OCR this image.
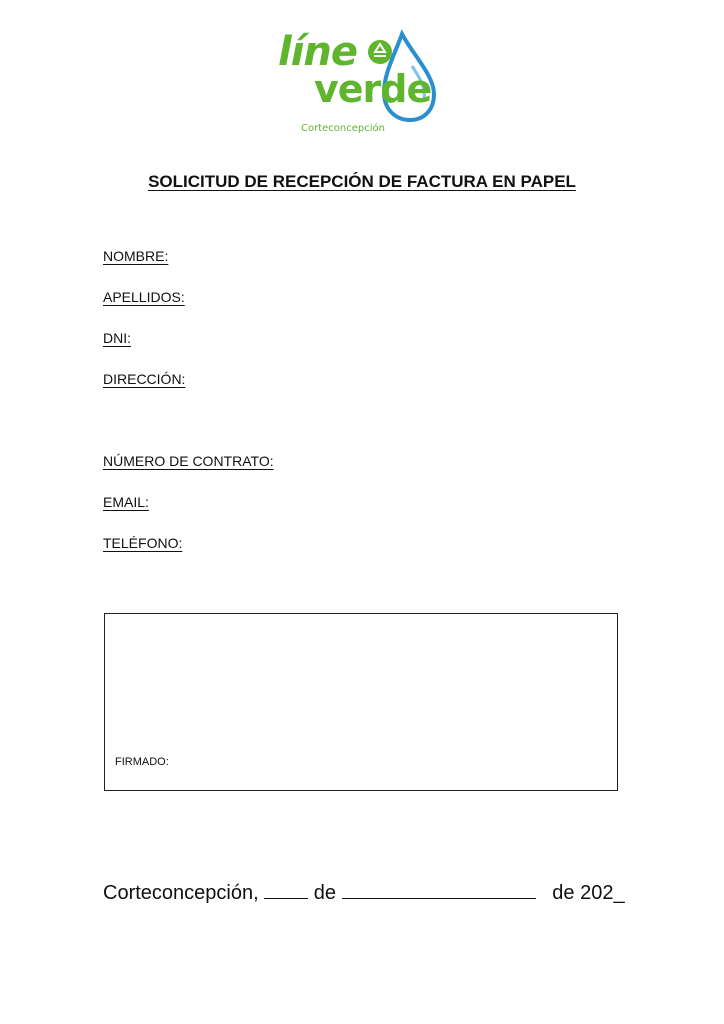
líne
verde
Corteconcepción
SOLICITUD DE RECEPCIÓN DE FACTURA EN PAPEL
NOMBRE:
APELLIDOS:
DNI:
DIRECCIÓN:
NÚMERO DE CONTRATO:
EMAIL:
TELÉFONO:
FIRMADO:
Corteconcepción,	de	de 202_
